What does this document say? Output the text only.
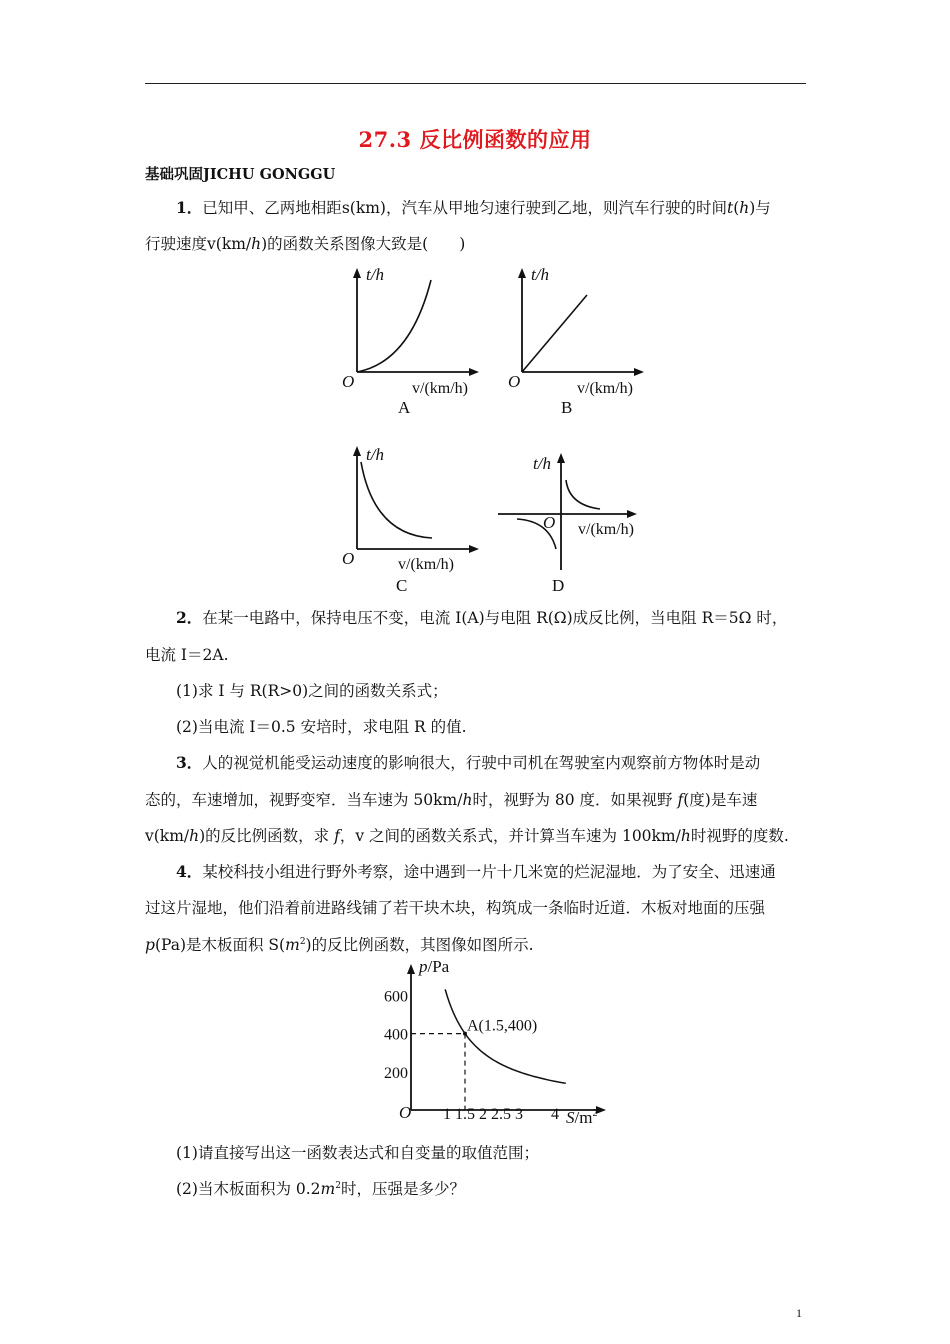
27.3 反比例函数的应用
基础巩固JICHU GONGGU
1．已知甲、乙两地相距s(km)，汽车从甲地匀速行驶到乙地，则汽车行驶的时间t(h)与
行驶速度v(km/h)的函数关系图像大致是(　　)
t/h
O	v/(km/h)
A
t/h
O	v/(km/h)
B
t/h
O	v/(km/h)
C
t/h
O v/(km/h)
D
2．在某一电路中，保持电压不变，电流 I(A)与电阻 R(Ω)成反比例，当电阻 R＝5Ω 时，
电流 I＝2A.
(1)求 I 与 R(R>0)之间的函数关系式；
(2)当电流 I＝0.5 安培时，求电阻 R 的值.
3．人的视觉机能受运动速度的影响很大，行驶中司机在驾驶室内观察前方物体时是动
态的，车速增加，视野变窄．当车速为 50km/h时，视野为 80 度．如果视野 f(度)是车速
v(km/h)的反比例函数，求 f，v 之间的函数关系式，并计算当车速为 100km/h时视野的度数.
4．某校科技小组进行野外考察，途中遇到一片十几米宽的烂泥湿地．为了安全、迅速通
过这片湿地，他们沿着前进路线铺了若干块木块，构筑成一条临时近道．木板对地面的压强
p(Pa)是木板面积 $S(m^2)$的反比例函数，其图像如图所示.
A(1.5,400)
p/Pa
$S/m^2$
O 1 1.5 2 2.5 3 4
200
400
600
(1)请直接写出这一函数表达式和自变量的取值范围；
(2)当木板面积为 $0.2m^2$时，压强是多少？
1
